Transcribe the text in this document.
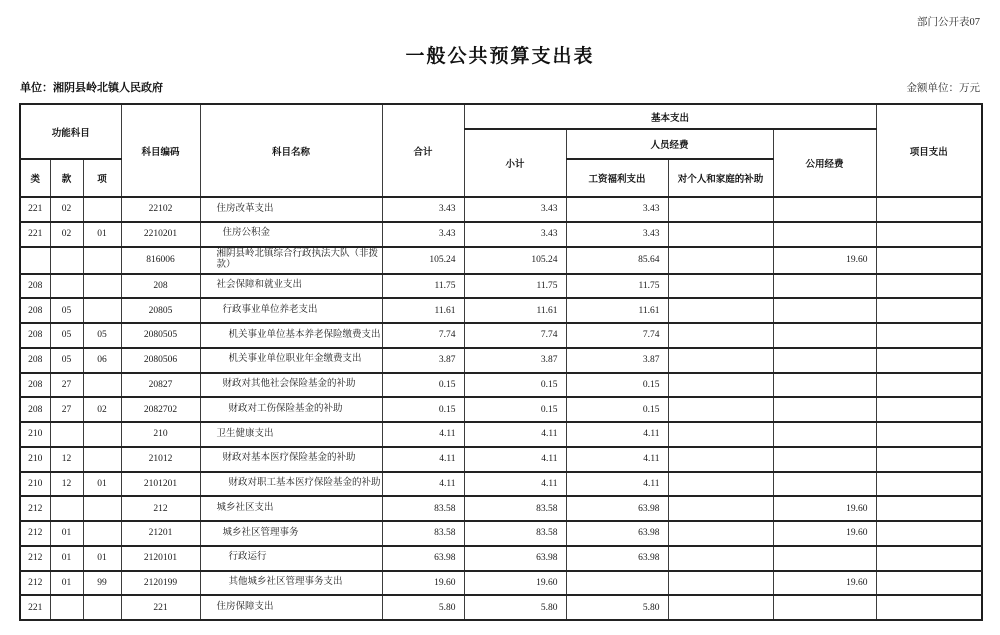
部门公开表07
一般公共预算支出表
单位：湘阴县岭北镇人民政府	金额单位：万元
功能科目			科目编码	科目名称	合计	基本支出				项目支出
						小计	人员经费		公用经费	
类	款	项					工资福利支出	对个人和家庭的补助		
221	02		22102	住房改革支出	3.43	3.43	3.43			
221	02	01	2210201	住房公积金	3.43	3.43	3.43			
			816006	湘阴县岭北镇综合行政执法大队（非拨款）	105.24	105.24	85.64		19.60	
208			208	社会保障和就业支出	11.75	11.75	11.75			
208	05		20805	行政事业单位养老支出	11.61	11.61	11.61			
208	05	05	2080505	机关事业单位基本养老保险缴费支出	7.74	7.74	7.74			
208	05	06	2080506	机关事业单位职业年金缴费支出	3.87	3.87	3.87			
208	27		20827	财政对其他社会保险基金的补助	0.15	0.15	0.15			
208	27	02	2082702	财政对工伤保险基金的补助	0.15	0.15	0.15			
210			210	卫生健康支出	4.11	4.11	4.11			
210	12		21012	财政对基本医疗保险基金的补助	4.11	4.11	4.11			
210	12	01	2101201	财政对职工基本医疗保险基金的补助	4.11	4.11	4.11			
212			212	城乡社区支出	83.58	83.58	63.98		19.60	
212	01		21201	城乡社区管理事务	83.58	83.58	63.98		19.60	
212	01	01	2120101	行政运行	63.98	63.98	63.98			
212	01	99	2120199	其他城乡社区管理事务支出	19.60	19.60			19.60	
221			221	住房保障支出	5.80	5.80	5.80			
